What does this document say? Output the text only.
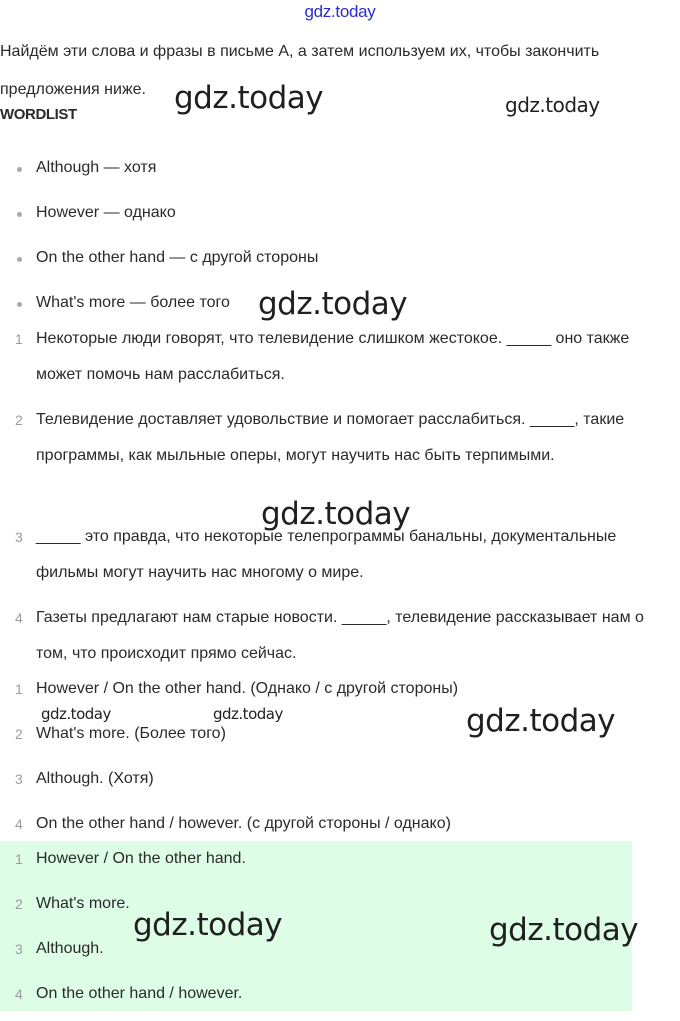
gdz.today
Найдём эти слова и фразы в письме А, а затем используем их, чтобы закончить предложения ниже.
WORDLIST
Although — хотя
However — однако
On the other hand — с другой стороны
What's more — более того
1 Некоторые люди говорят, что телевидение слишком жестокое. _____ оно также может помочь нам расслабиться.
2 Телевидение доставляет удовольствие и помогает расслабиться. _____, такие программы, как мыльные оперы, могут научить нас быть терпимыми.
3 _____ это правда, что некоторые телепрограммы банальны, документальные фильмы могут научить нас многому о мире.
4 Газеты предлагают нам старые новости. _____, телевидение рассказывает нам о том, что происходит прямо сейчас.
1 However / On the other hand. (Однако / с другой стороны)
2 What's more. (Более того)
3 Although. (Хотя)
4 On the other hand / however. (с другой стороны / однако)
1 However / On the other hand.
2 What's more.
3 Although.
4 On the other hand / however.
gdz.today	gdz.today
gdz.today
gdz.today
gdz.today	gdz.today	gdz.today
gdz.today	gdz.today
